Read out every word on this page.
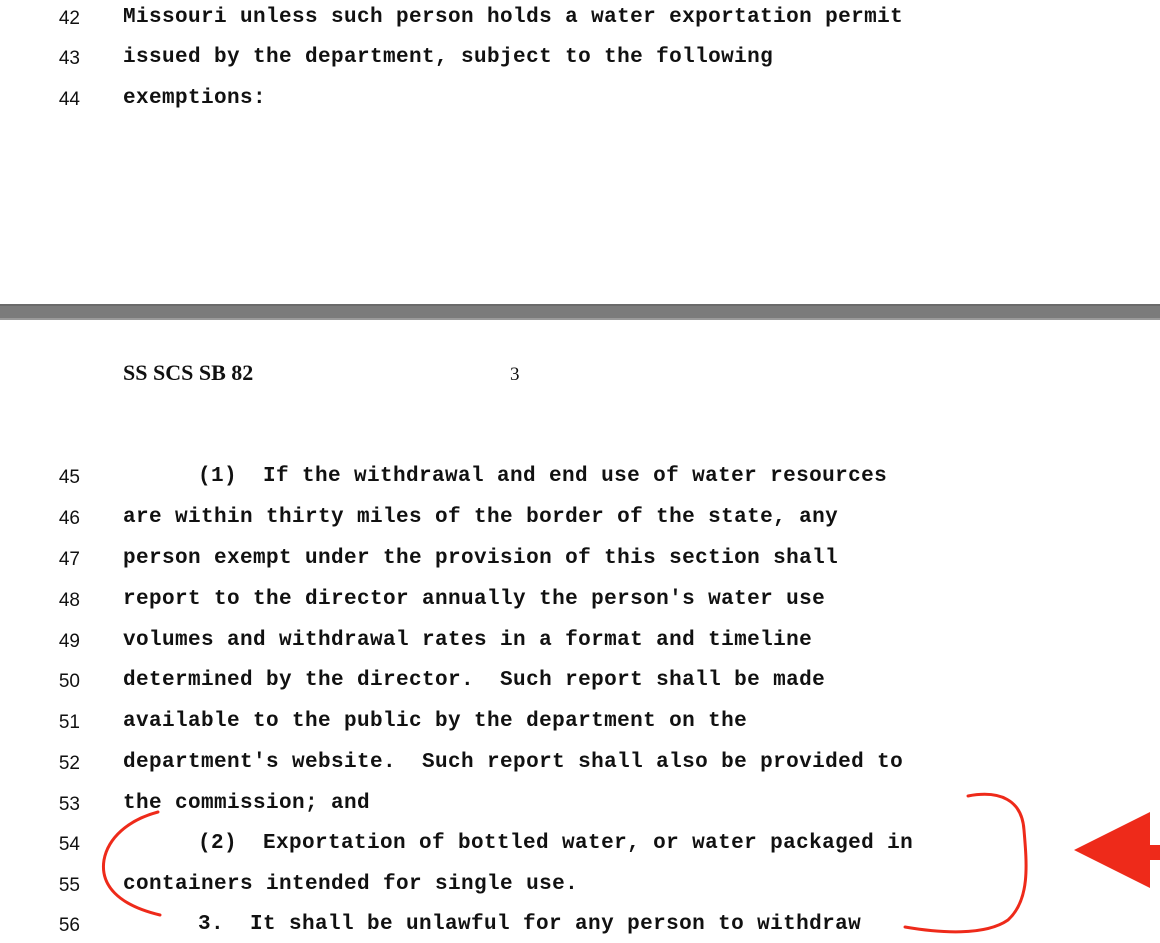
42 Missouri unless such person holds a water exportation permit
43 issued by the department, subject to the following
44 exemptions:
SS SCS SB 82	3
45	(1)  If the withdrawal and end use of water resources
46 are within thirty miles of the border of the state, any
47 person exempt under the provision of this section shall
48 report to the director annually the person's water use
49 volumes and withdrawal rates in a format and timeline
50 determined by the director.  Such report shall be made
51 available to the public by the department on the
52 department's website.  Such report shall also be provided to
53 the commission; and
54	(2)  Exportation of bottled water, or water packaged in
55 containers intended for single use.
56	3.  It shall be unlawful for any person to withdraw
